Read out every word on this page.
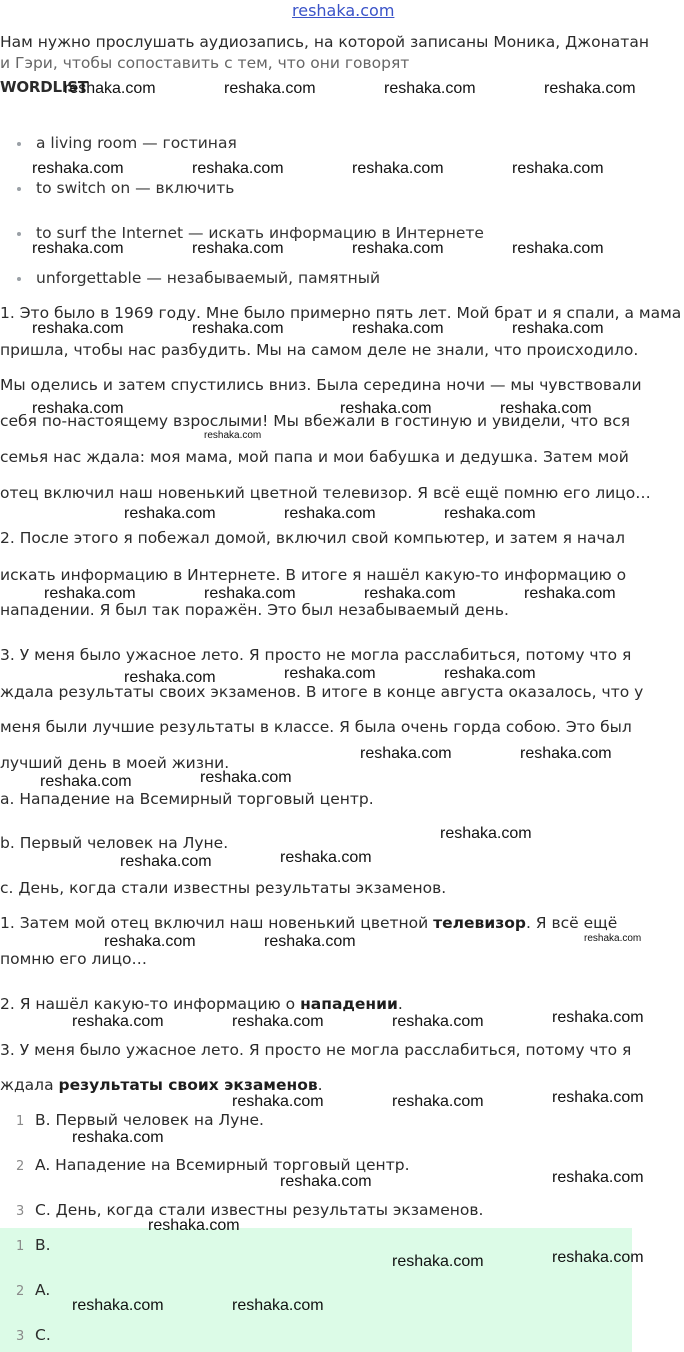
reshaka.com
Нам нужно прослушать аудиозапись, на которой записаны Моника, Джонатан
и Гэри, чтобы сопоставить с тем, что они говорят
WORDLIST
a living room — гостиная
to switch on — включить
to surf the Internet — искать информацию в Интернете
unforgettable — незабываемый, памятный
1. Это было в 1969 году. Мне было примерно пять лет. Мой брат и я спали, а мама
пришла, чтобы нас разбудить. Мы на самом деле не знали, что происходило.
Мы оделись и затем спустились вниз. Была середина ночи — мы чувствовали
себя по-настоящему взрослыми! Мы вбежали в гостиную и увидели, что вся
семья нас ждала: моя мама, мой папа и мои бабушка и дедушка. Затем мой
отец включил наш новенький цветной телевизор. Я всё ещё помню его лицо…
2. После этого я побежал домой, включил свой компьютер, и затем я начал
искать информацию в Интернете. В итоге я нашёл какую-то информацию о
нападении. Я был так поражён. Это был незабываемый день.
3. У меня было ужасное лето. Я просто не могла расслабиться, потому что я
ждала результаты своих экзаменов. В итоге в конце августа оказалось, что у
меня были лучшие результаты в классе. Я была очень горда собою. Это был
лучший день в моей жизни.
a. Нападение на Всемирный торговый центр.
b. Первый человек на Луне.
c. День, когда стали известны результаты экзаменов.
1. Затем мой отец включил наш новенький цветной телевизор. Я всё ещё
помню его лицо…
2. Я нашёл какую-то информацию о нападении.
3. У меня было ужасное лето. Я просто не могла расслабиться, потому что я
ждала результаты своих экзаменов.
1 B. Первый человек на Луне.
2 A. Нападение на Всемирный торговый центр.
3 C. День, когда стали известны результаты экзаменов.
1 B.
2 A.
3 C.
reshaka.com	reshaka.com	reshaka.com	reshaka.com
reshaka.com	reshaka.com	reshaka.com	reshaka.com
reshaka.com	reshaka.com	reshaka.com	reshaka.com
reshaka.com	reshaka.com	reshaka.com	reshaka.com
reshaka.com	reshaka.com	reshaka.com
reshaka.com
reshaka.com	reshaka.com	reshaka.com
reshaka.com	reshaka.com	reshaka.com	reshaka.com
reshaka.com	reshaka.com
reshaka.com
reshaka.com	reshaka.com
reshaka.com
reshaka.com
reshaka.com
reshaka.com
reshaka.com
reshaka.com	reshaka.com	reshaka.com
reshaka.com
reshaka.com	reshaka.com	reshaka.com
reshaka.com
reshaka.com	reshaka.com
reshaka.com
reshaka.com
reshaka.com
reshaka.com
reshaka.com
reshaka.com
reshaka.com	reshaka.com
